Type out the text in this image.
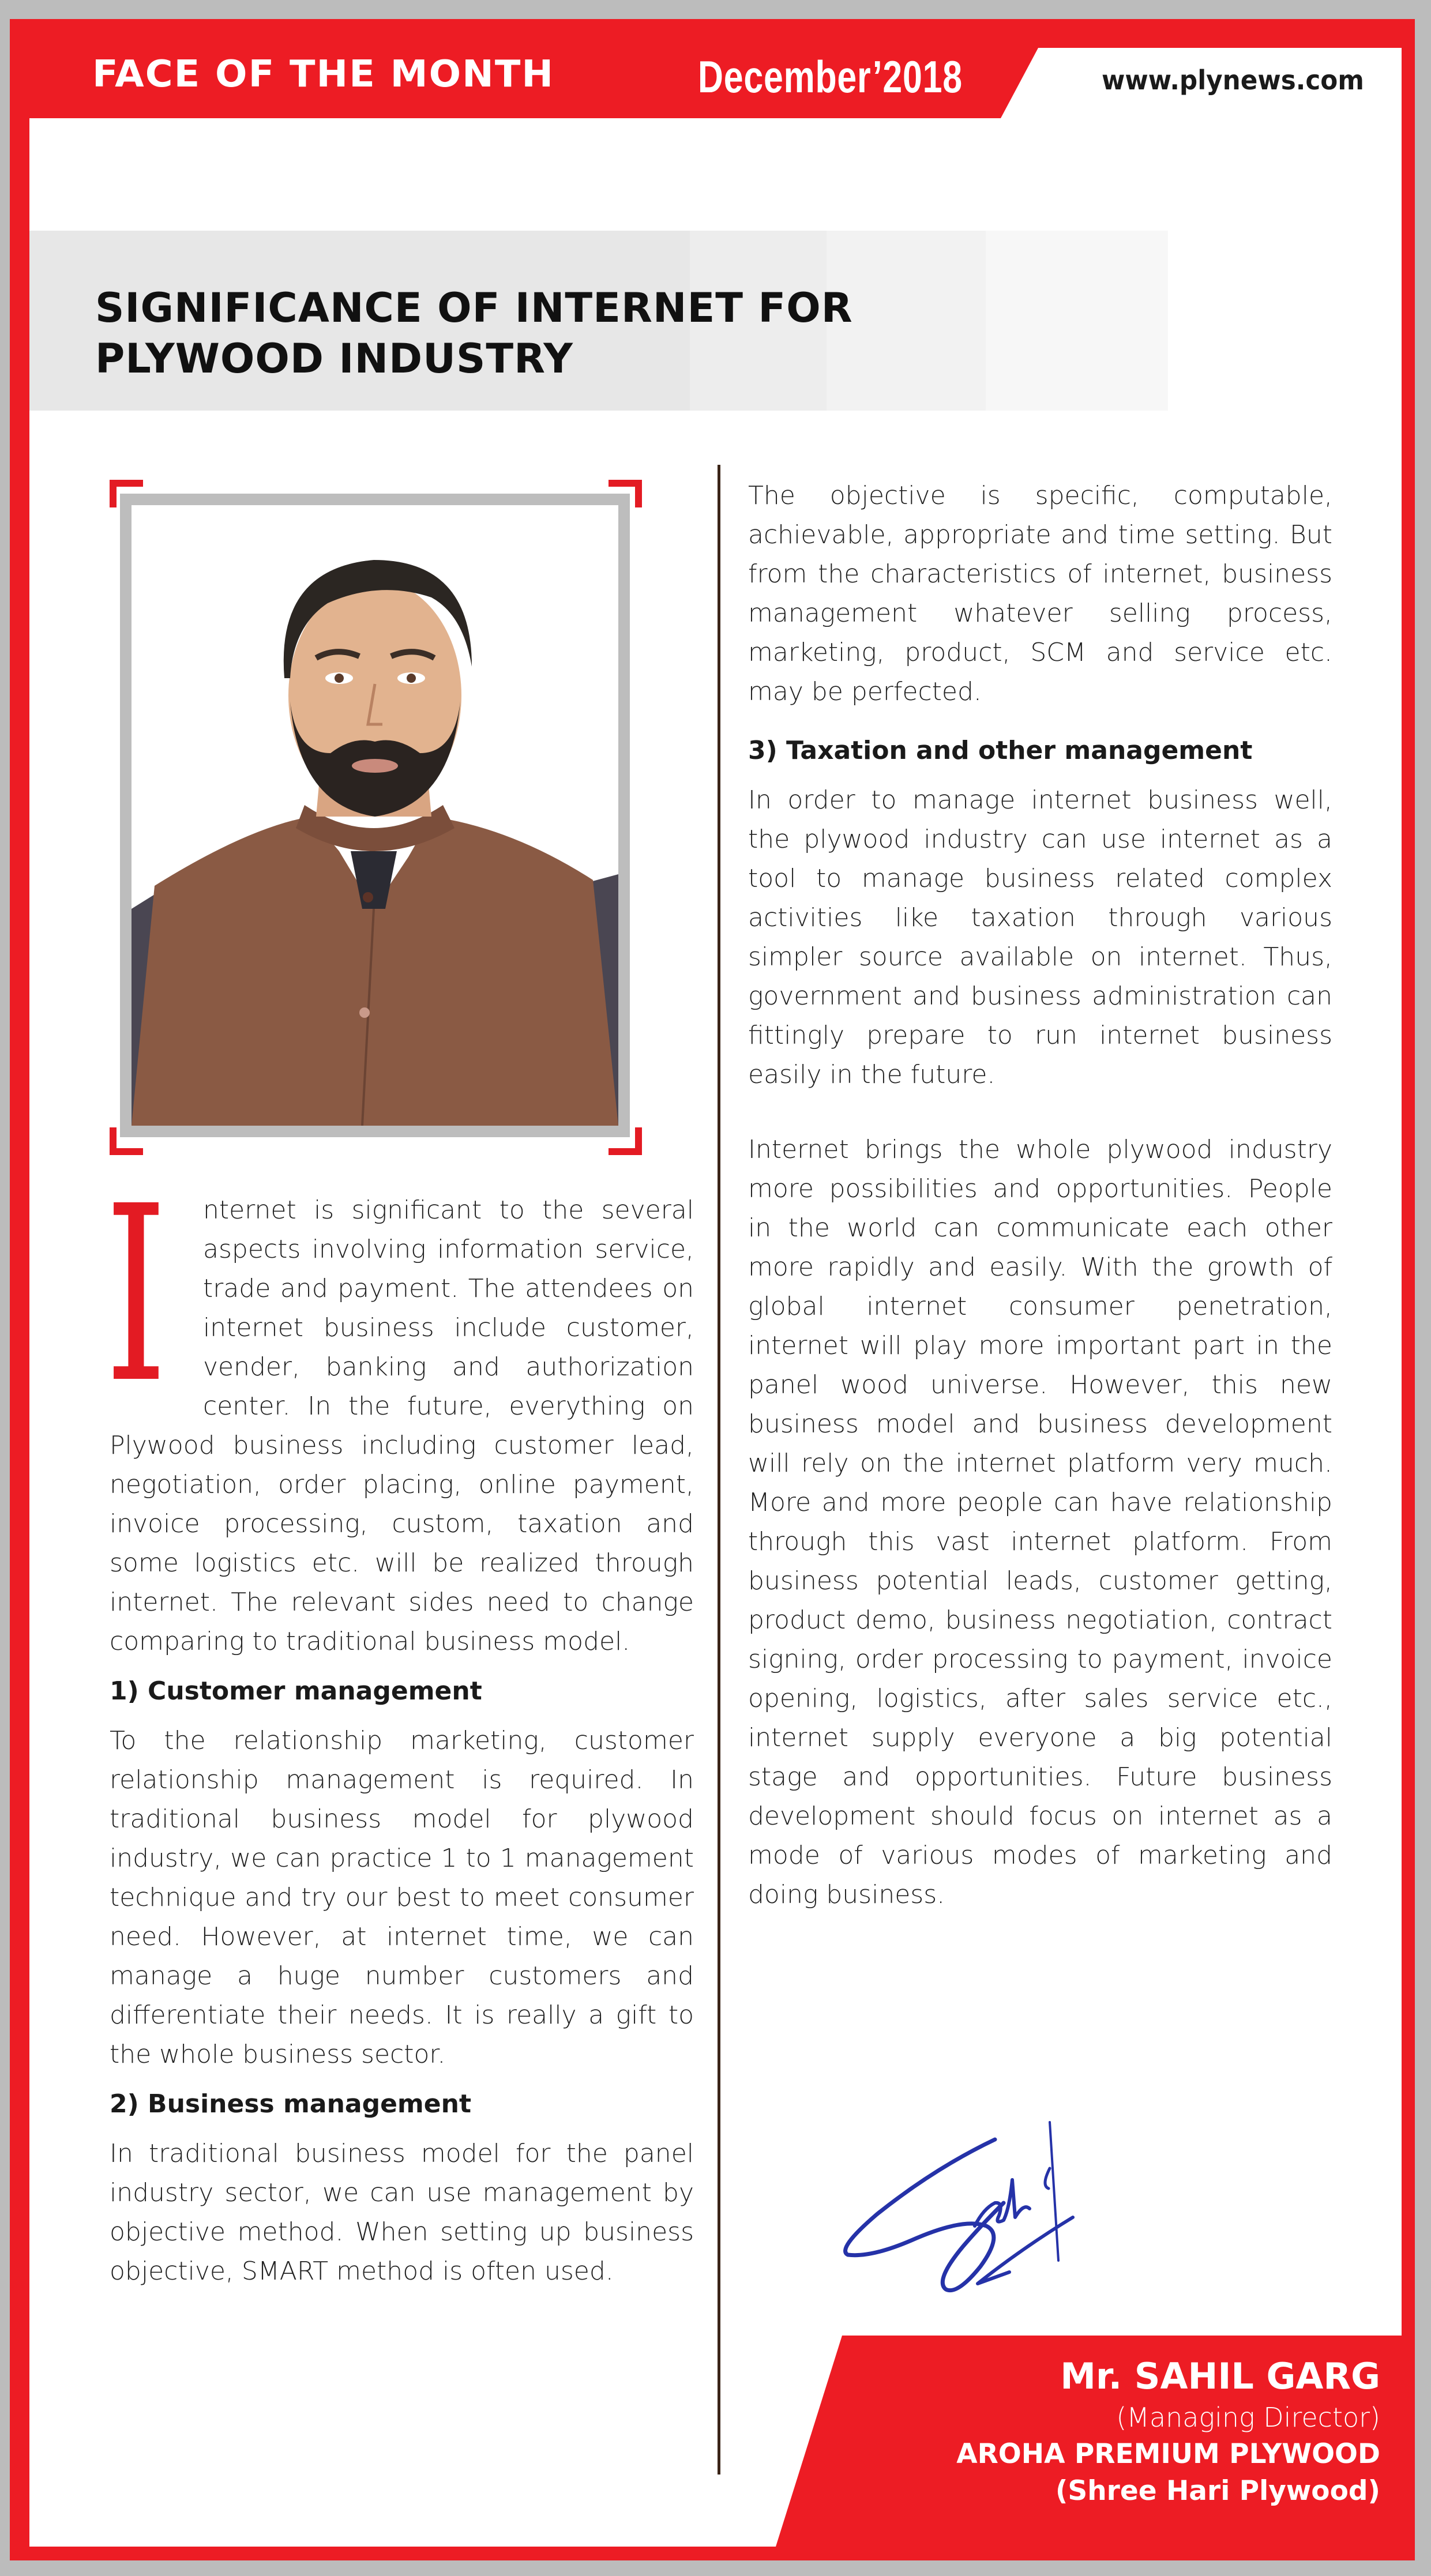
FACE OF THE MONTH	December’2018	www.plynews.com
SIGNIFICANCE OF INTERNET FOR
PLYWOOD INDUSTRY
I	nternet is significant to the several aspects involving information service, trade and payment. The attendees on internet business include customer, vender, banking and authorization center. In the future, everything on Plywood business including customer lead, negotiation, order placing, online payment, invoice processing, custom, taxation and some logistics etc. will be realized through internet. The relevant sides need to change comparing to traditional business model.

1) Customer management

To the relationship marketing, customer relationship management is required. In traditional business model for plywood industry, we can practice 1 to 1 management technique and try our best to meet consumer need. However, at internet time, we can manage a huge number customers and differentiate their needs. It is really a gift to the whole business sector.

2) Business management

In traditional business model for the panel industry sector, we can use management by objective method. When setting up business objective, SMART method is often used.

The objective is specific, computable, achievable, appropriate and time setting. But from the characteristics of internet, business management whatever selling process, marketing, product, SCM and service etc. may be perfected.

3) Taxation and other management

In order to manage internet business well, the plywood industry can use internet as a tool to manage business related complex activities like taxation through various simpler source available on internet. Thus, government and business administration can fittingly prepare to run internet business easily in the future.

Internet brings the whole plywood industry more possibilities and opportunities. People in the world can communicate each other more rapidly and easily. With the growth of global internet consumer penetration, internet will play more important part in the panel wood universe. However, this new business model and business development will rely on the internet platform very much. More and more people can have relationship through this vast internet platform. From business potential leads, customer getting, product demo, business negotiation, contract signing, order processing to payment, invoice opening, logistics, after sales service etc., internet supply everyone a big potential stage and opportunities. Future business development should focus on internet as a mode of various modes of marketing and doing business.

Mr. SAHIL GARG
(Managing Director)
AROHA PREMIUM PLYWOOD
(Shree Hari Plywood)
